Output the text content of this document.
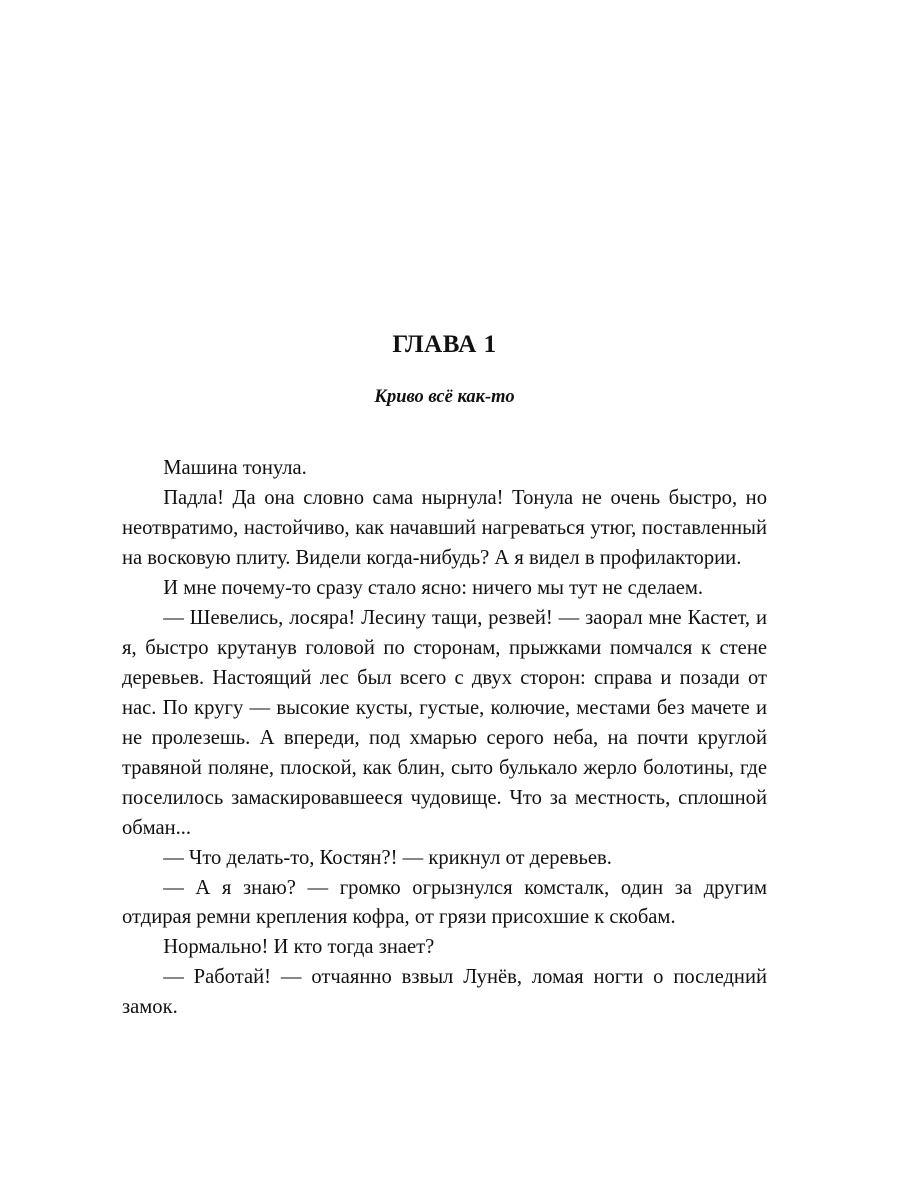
ГЛАВА 1
Криво всё как-то

Машина тонула.

Падла! Да она словно сама нырнула! Тонула не очень быстро, но неотвратимо, настойчиво, как начавший нагреваться утюг, поставленный на восковую плиту. Видели когда-нибудь? А я видел в профилактории.

И мне почему-то сразу стало ясно: ничего мы тут не сделаем.

— Шевелись, лосяра! Лесину тащи, резвей! — заорал мне Кастет, и я, быстро крутанув головой по сторонам, прыжками помчался к стене деревьев. Настоящий лес был всего с двух сторон: справа и позади от нас. По кругу — высокие кусты, густые, колючие, местами без мачете и не пролезешь. А впереди, под хмарью серого неба, на почти круглой травяной поляне, плоской, как блин, сыто булькало жерло болотины, где поселилось замаскировавшееся чудовище. Что за местность, сплошной обман...

— Что делать-то, Костян?! — крикнул от деревьев.

— А я знаю? — громко огрызнулся комсталк, один за другим отдирая ремни крепления кофра, от грязи присохшие к скобам.

Нормально! И кто тогда знает?

— Работай! — отчаянно взвыл Лунёв, ломая ногти о последний замок.
